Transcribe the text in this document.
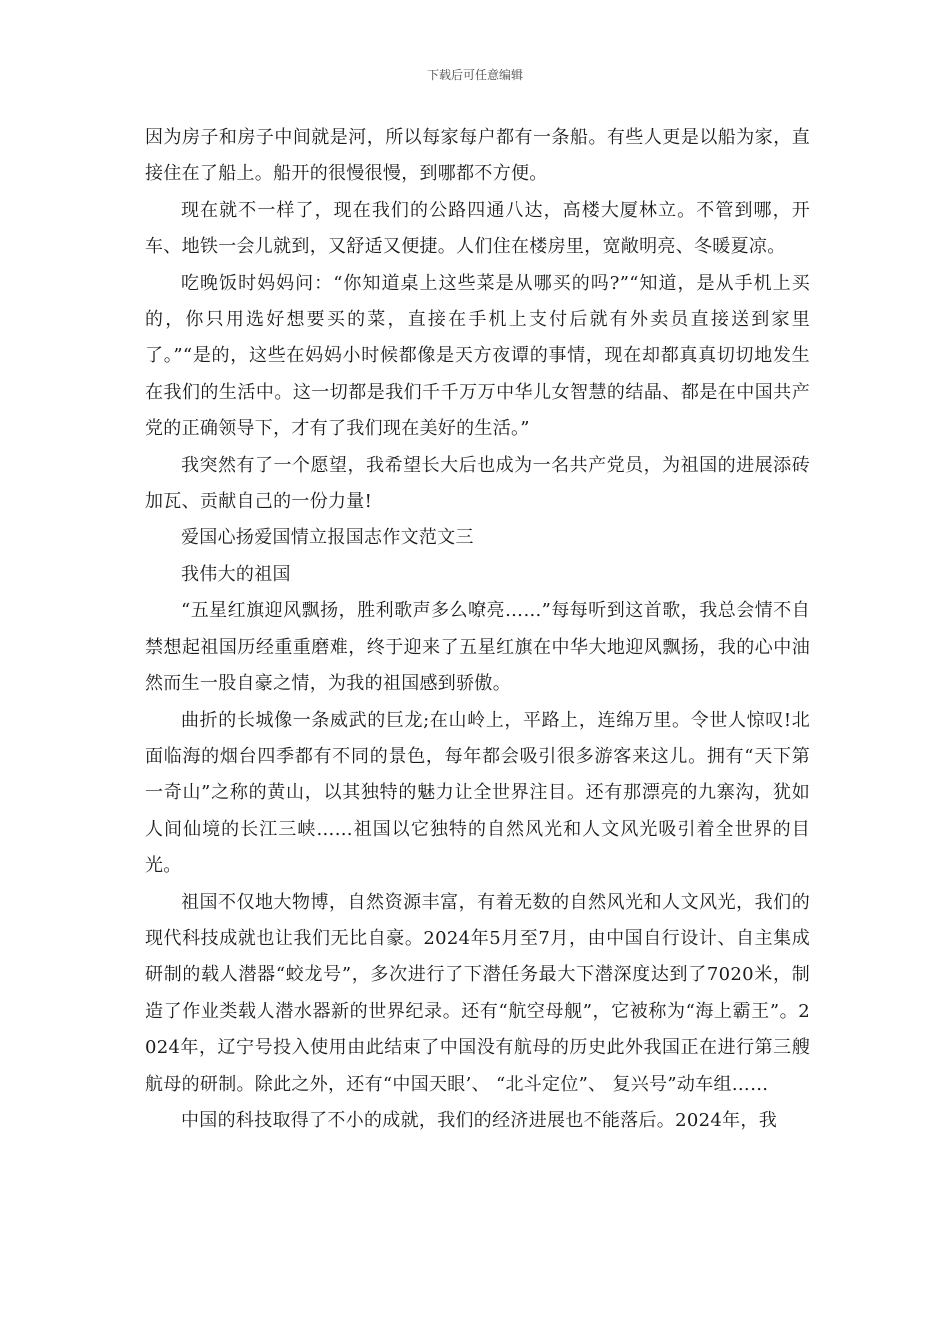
下载后可任意编辑

因为房子和房子中间就是河，所以每家每户都有一条船。有些人更是以船为家，直接住在了船上。船开的很慢很慢，到哪都不方便。

现在就不一样了，现在我们的公路四通八达，高楼大厦林立。不管到哪，开车、地铁一会儿就到，又舒适又便捷。人们住在楼房里，宽敞明亮、冬暖夏凉。

吃晚饭时妈妈问：“你知道桌上这些菜是从哪买的吗?”“知道，是从手机上买的，你只用选好想要买的菜，直接在手机上支付后就有外卖员直接送到家里了。”“是的，这些在妈妈小时候都像是天方夜谭的事情，现在却都真真切切地发生在我们的生活中。这一切都是我们千千万万中华儿女智慧的结晶、都是在中国共产党的正确领导下，才有了我们现在美好的生活。”

我突然有了一个愿望，我希望长大后也成为一名共产党员，为祖国的进展添砖加瓦、贡献自己的一份力量!

爱国心扬爱国情立报国志作文范文三

我伟大的祖国

“五星红旗迎风飘扬，胜利歌声多么嘹亮……”每每听到这首歌，我总会情不自禁想起祖国历经重重磨难，终于迎来了五星红旗在中华大地迎风飘扬，我的心中油然而生一股自豪之情，为我的祖国感到骄傲。

曲折的长城像一条威武的巨龙;在山岭上，平路上，连绵万里。令世人惊叹!北面临海的烟台四季都有不同的景色，每年都会吸引很多游客来这儿。拥有“天下第一奇山”之称的黄山，以其独特的魅力让全世界注目。还有那漂亮的九寨沟，犹如人间仙境的长江三峡……祖国以它独特的自然风光和人文风光吸引着全世界的目光。

祖国不仅地大物博，自然资源丰富，有着无数的自然风光和人文风光，我们的现代科技成就也让我们无比自豪。2024年5月至7月，由中国自行设计、自主集成研制的载人潜器“蛟龙号”，多次进行了下潜任务最大下潜深度达到了7020米，制造了作业类载人潜水器新的世界纪录。还有“航空母舰”，它被称为“海上霸王”。2024年，辽宁号投入使用由此结束了中国没有航母的历史此外我国正在进行第三艘航母的研制。除此之外，还有“中国天眼’、 “北斗定位”、 复兴号”动车组……

中国的科技取得了不小的成就，我们的经济进展也不能落后。2024年，我
